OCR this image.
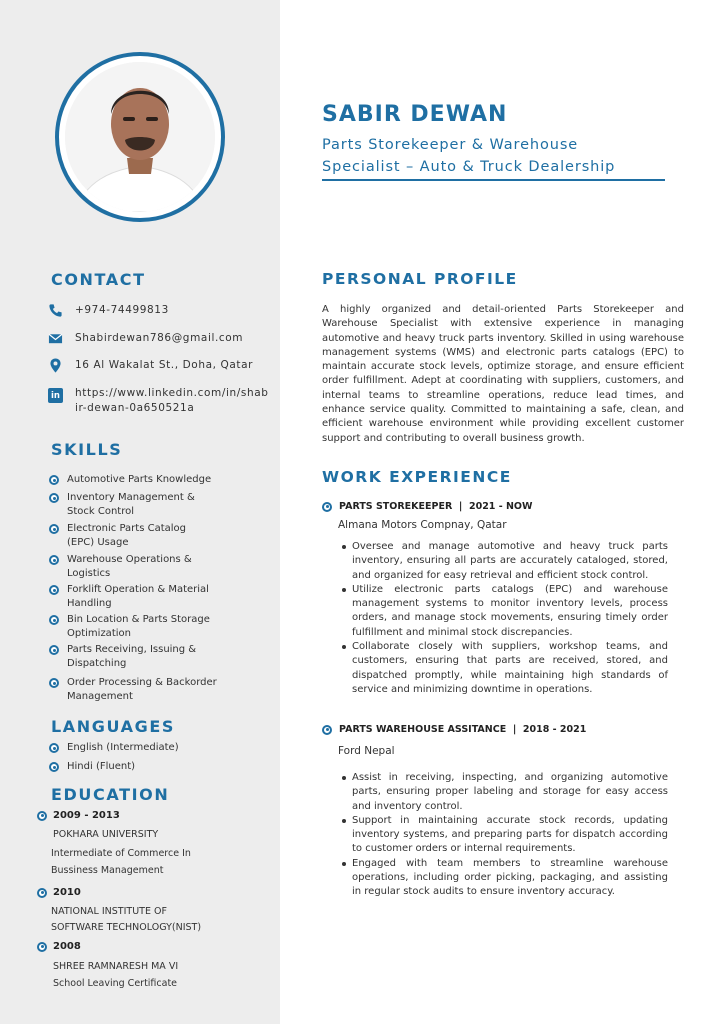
CONTACT
+974-74499813
Shabirdewan786@gmail.com
16 Al Wakalat St., Doha, Qatar
in https://www.linkedin.com/in/shabir-dewan-0a650521a
SKILLS
Automotive Parts Knowledge
Inventory Management & Stock Control
Electronic Parts Catalog (EPC) Usage
Warehouse Operations & Logistics
Forklift Operation & Material Handling
Bin Location & Parts Storage Optimization
Parts Receiving, Issuing & Dispatching
Order Processing & Backorder Management
LANGUAGES
English (Intermediate)
Hindi (Fluent)
EDUCATION
2009 - 2013
POKHARA UNIVERSITY
Intermediate of Commerce In
Bussiness Management
2010
NATIONAL INSTITUTE OF
SOFTWARE TECHNOLOGY(NIST)
2008
SHREE RAMNARESH MA VI
School Leaving Certificate
SABIR DEWAN
Parts Storekeeper & Warehouse
Specialist – Auto & Truck Dealership
PERSONAL PROFILE
A highly organized and detail-oriented Parts Storekeeper and Warehouse Specialist with extensive experience in managing automotive and heavy truck parts inventory. Skilled in using warehouse management systems (WMS) and electronic parts catalogs (EPC) to maintain accurate stock levels, optimize storage, and ensure efficient order fulfillment. Adept at coordinating with suppliers, customers, and internal teams to streamline operations, reduce lead times, and enhance service quality. Committed to maintaining a safe, clean, and efficient warehouse environment while providing excellent customer support and contributing to overall business growth.
WORK EXPERIENCE
PARTS STOREKEEPER  |  2021 - NOW
Almana Motors Compnay, Qatar
Oversee and manage automotive and heavy truck parts inventory, ensuring all parts are accurately cataloged, stored, and organized for easy retrieval and efficient stock control.
Utilize electronic parts catalogs (EPC) and warehouse management systems to monitor inventory levels, process orders, and manage stock movements, ensuring timely order fulfillment and minimal stock discrepancies.
Collaborate closely with suppliers, workshop teams, and customers, ensuring that parts are received, stored, and dispatched promptly, while maintaining high standards of service and minimizing downtime in operations.
PARTS WAREHOUSE ASSITANCE  |  2018 - 2021
Ford Nepal
Assist in receiving, inspecting, and organizing automotive parts, ensuring proper labeling and storage for easy access and inventory control.
Support in maintaining accurate stock records, updating inventory systems, and preparing parts for dispatch according to customer orders or internal requirements.
Engaged with team members to streamline warehouse operations, including order picking, packaging, and assisting in regular stock audits to ensure inventory accuracy.
